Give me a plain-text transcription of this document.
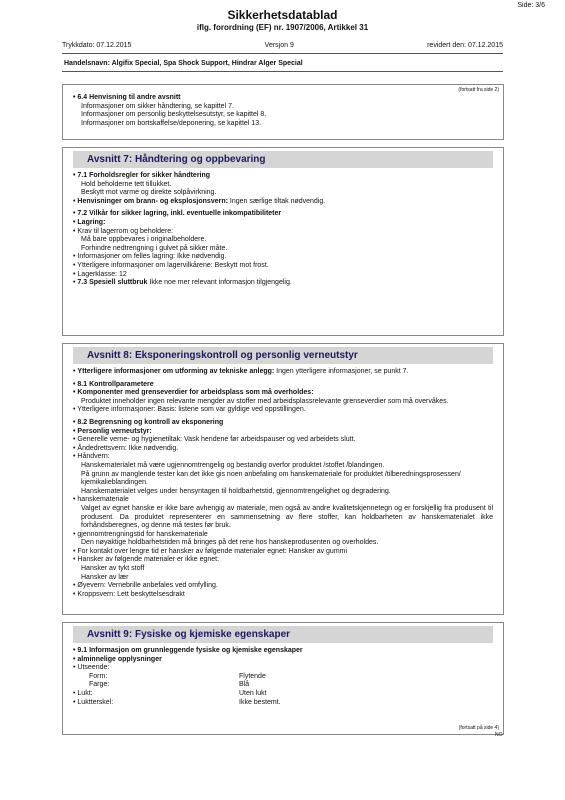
Side: 3/6
Sikkerhetsdatablad
iflg. forordning (EF) nr. 1907/2006, Artikkel 31
Trykkdato: 07.12.2015	Versjon 9	revidert den: 07.12.2015
Handelsnavn: Algifix Special, Spa Shock Support, Hindrar Alger Special
(fortsatt fra side 2)
• 6.4 Henvisning til andre avsnitt
Informasjoner om sikker håndtering, se kapittel 7.
Informasjoner om personlig beskyttelsesutstyr, se kapittel 8.
Informasjoner om bortskaffelse/deponering, se kapittel 13.
Avsnitt 7: Håndtering og oppbevaring
• 7.1 Forholdsregler for sikker håndtering
Hold beholderne tett tillukket.
Beskytt mot varme og direkte solpåvirkning.
• Henvisninger om brann- og eksplosjonsvern: Ingen særlige tiltak nødvendig.
• 7.2 Vilkår for sikker lagring, inkl. eventuelle inkompatibiliteter
• Lagring:
• Krav til lagerrom og beholdere:
Må bare oppbevares i originalbeholdere.
Forhindre nedtrengning i gulvet på sikker måte.
• Informasjoner om felles lagring: Ikke nødvendig.
• Ytterligere informasjoner om lagervilkårene: Beskytt mot frost.
• Lagerklasse: 12
• 7.3 Spesiell sluttbruk Ikke noe mer relevant informasjon tilgjengelig.
Avsnitt 8: Eksponeringskontroll og personlig verneutstyr
• Ytterligere informasjoner om utforming av tekniske anlegg: Ingen ytterligere informasjoner, se punkt 7.
• 8.1 Kontrollparametere
• Komponenter med grenseverdier for arbeidsplass som må overholdes:
Produktet inneholder ingen relevante mengder av stoffer med arbeidsplassrelevante grenseverdier som må overvåkes.
• Ytterligere informasjoner: Basis: listene som var gyldige ved oppstillingen.
• 8.2 Begrensning og kontroll av eksponering
• Personlig verneutstyr:
• Generelle verne- og hygienetiltak: Vask hendene før arbeidspauser og ved arbeidets slutt.
• Åndedrettsvern: Ikke nødvendig.
• Håndvern:
Hanskematerialet må være ugjennomtrengelig og bestandig overfor produktet /stoffet /blandingen.
På grunn av manglende tester kan det ikke gis noen anbefaling om hanskemateriale for produktet /tilberedningsprosessen/ kjemikalieblandingen.
Hanskematerialet velges under hensyntagen til holdbarhetstid, gjennomtrengelighet og degradering.
• hanskemateriale
Valget av egnet hanske er ikke bare avhengig av materiale, men også av andre kvalitetskjennetegn og er forskjellig fra produsent til produsent. Da produktet representerer en sammensetning av flere stoffer, kan holdbarheten av hanskematerialet ikke forhåndsberegnes, og denne må testes før bruk.
• gjennomtrengningstid for hanskemateriale
Den nøyaktige holdbarhetstiden må bringes på det rene hos hanskeprodusenten og overholdes.
• For kontakt over lengre tid er hansker av følgende materialer egnet: Hansker av gummi
• Hansker av følgende materialer er ikke egnet:
Hansker av tykt stoff
Hansker av lær
• Øyevern: Vernebrille anbefales ved omfylling.
• Kroppsvern: Lett beskyttelsesdrakt
Avsnitt 9: Fysiske og kjemiske egenskaper
• 9.1 Informasjon om grunnleggende fysiske og kjemiske egenskaper
• alminnelige opplysninger
• Utseende:
Form:	Flytende
Farge:	Blå
• Lukt:	Uten lukt
• Luktterskel:	Ikke bestemt.
(fortsatt på side 4)
NO
